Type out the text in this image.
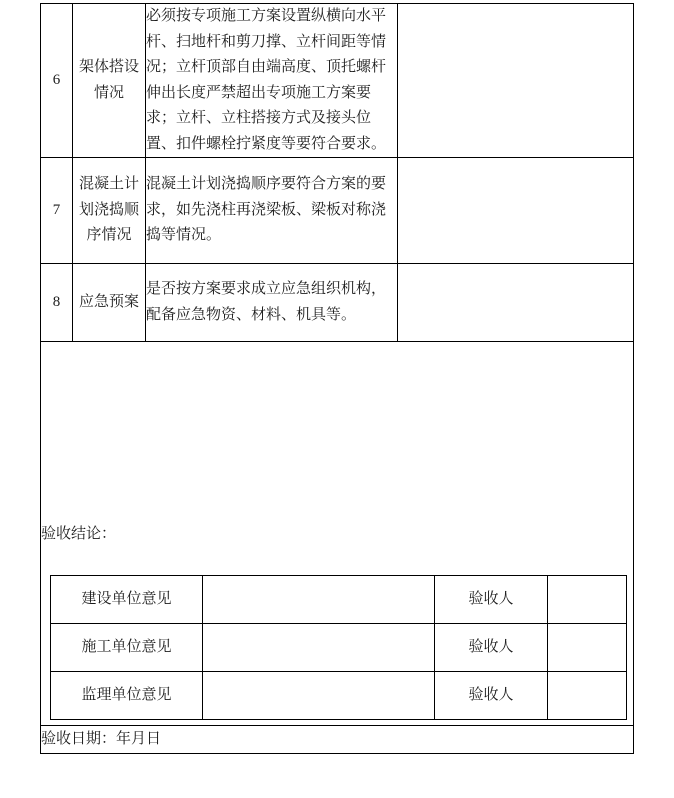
6	架体搭设情况	必须按专项施工方案设置纵横向水平杆、扫地杆和剪刀撑、立杆间距等情况；立杆顶部自由端高度、顶托螺杆伸出长度严禁超出专项施工方案要求；立杆、立柱搭接方式及接头位置、扣件螺栓拧紧度等要符合要求。	
7	混凝土计划浇捣顺序情况	混凝土计划浇捣顺序要符合方案的要求，如先浇柱再浇梁板、梁板对称浇捣等情况。	
8	应急预案	是否按方案要求成立应急组织机构，配备应急物资、材料、机具等。	

验收结论：
建设单位意见		验收人	
施工单位意见		验收人	
监理单位意见		验收人	

验收日期：年月日
